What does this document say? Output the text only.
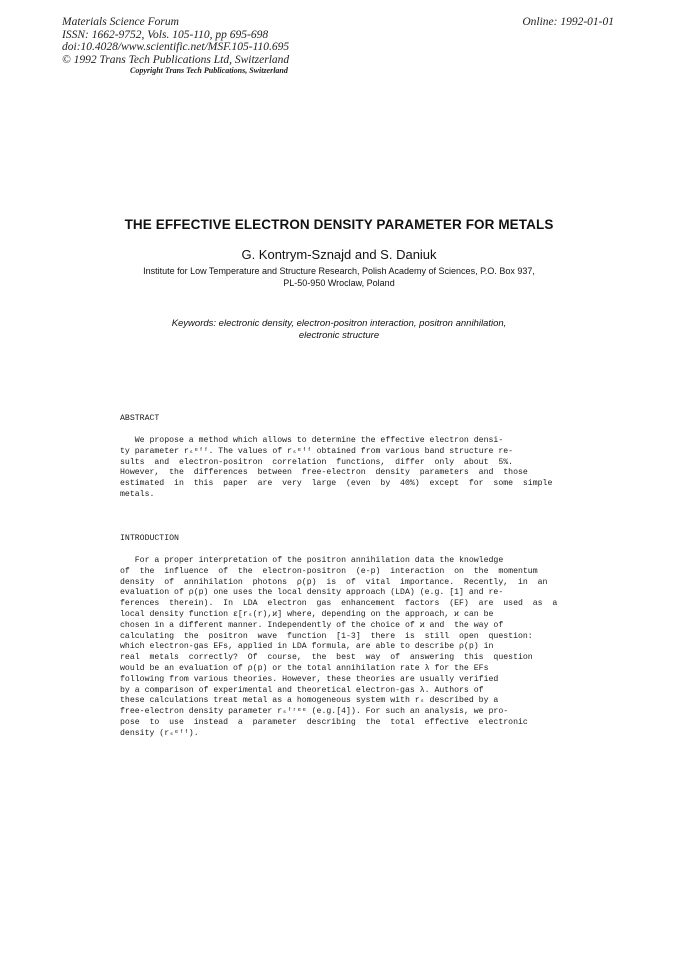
Materials Science Forum
ISSN: 1662-9752, Vols. 105-110, pp 695-698
doi:10.4028/www.scientific.net/MSF.105-110.695
© 1992 Trans Tech Publications Ltd, Switzerland
Online: 1992-01-01
Copyright Trans Tech Publications, Switzerland
THE EFFECTIVE ELECTRON DENSITY PARAMETER FOR METALS
G. Kontrym-Sznajd and S. Daniuk
Institute for Low Temperature and Structure Research, Polish Academy of Sciences, P.O. Box 937,
PL-50-950 Wroclaw, Poland
Keywords: electronic density, electron-positron interaction, positron annihilation,
electronic structure
ABSTRACT
We propose a method which allows to determine the effective electron densi-
ty parameter rₛᵉᶠᶠ. The values of rₛᵉᶠᶠ obtained from various band structure re-
sults  and  electron-positron  correlation  functions,  differ  only  about  5%.
However,  the  differences  between  free-electron  density  parameters  and  those
estimated  in  this  paper  are  very  large  (even  by  40%)  except  for  some  simple
metals.
INTRODUCTION
For a proper interpretation of the positron annihilation data the knowledge
of  the  influence  of  the  electron-positron  (e-p)  interaction  on  the  momentum
density  of  annihilation  photons  ρ(p)  is  of  vital  importance.  Recently,  in  an
evaluation of ρ(p) one uses the local density approach (LDA) (e.g. [1] and re-
ferences  therein).  In  LDA  electron  gas  enhancement  factors  (EF)  are  used  as  a
local density function ε[rₛ(r),ϰ] where, depending on the approach, ϰ can be
chosen in a different manner. Independently of the choice of ϰ and  the way of
calculating  the  positron  wave  function  [1-3]  there  is  still  open  question:
which electron-gas EFs, applied in LDA formula, are able to describe ρ(p) in
real  metals  correctly?  Of  course,  the  best  way  of  answering  this  question
would be an evaluation of ρ(p) or the total annihilation rate λ for the EFs
following from various theories. However, these theories are usually verified
by a comparison of experimental and theoretical electron-gas λ. Authors of
these calculations treat metal as a homogeneous system with rₛ described by a
free-electron density parameter rₛᶠʳᵉᵉ (e.g.[4]). For such an analysis, we pro-
pose  to  use  instead  a  parameter  describing  the  total  effective  electronic
density (rₛᵉᶠᶠ).
